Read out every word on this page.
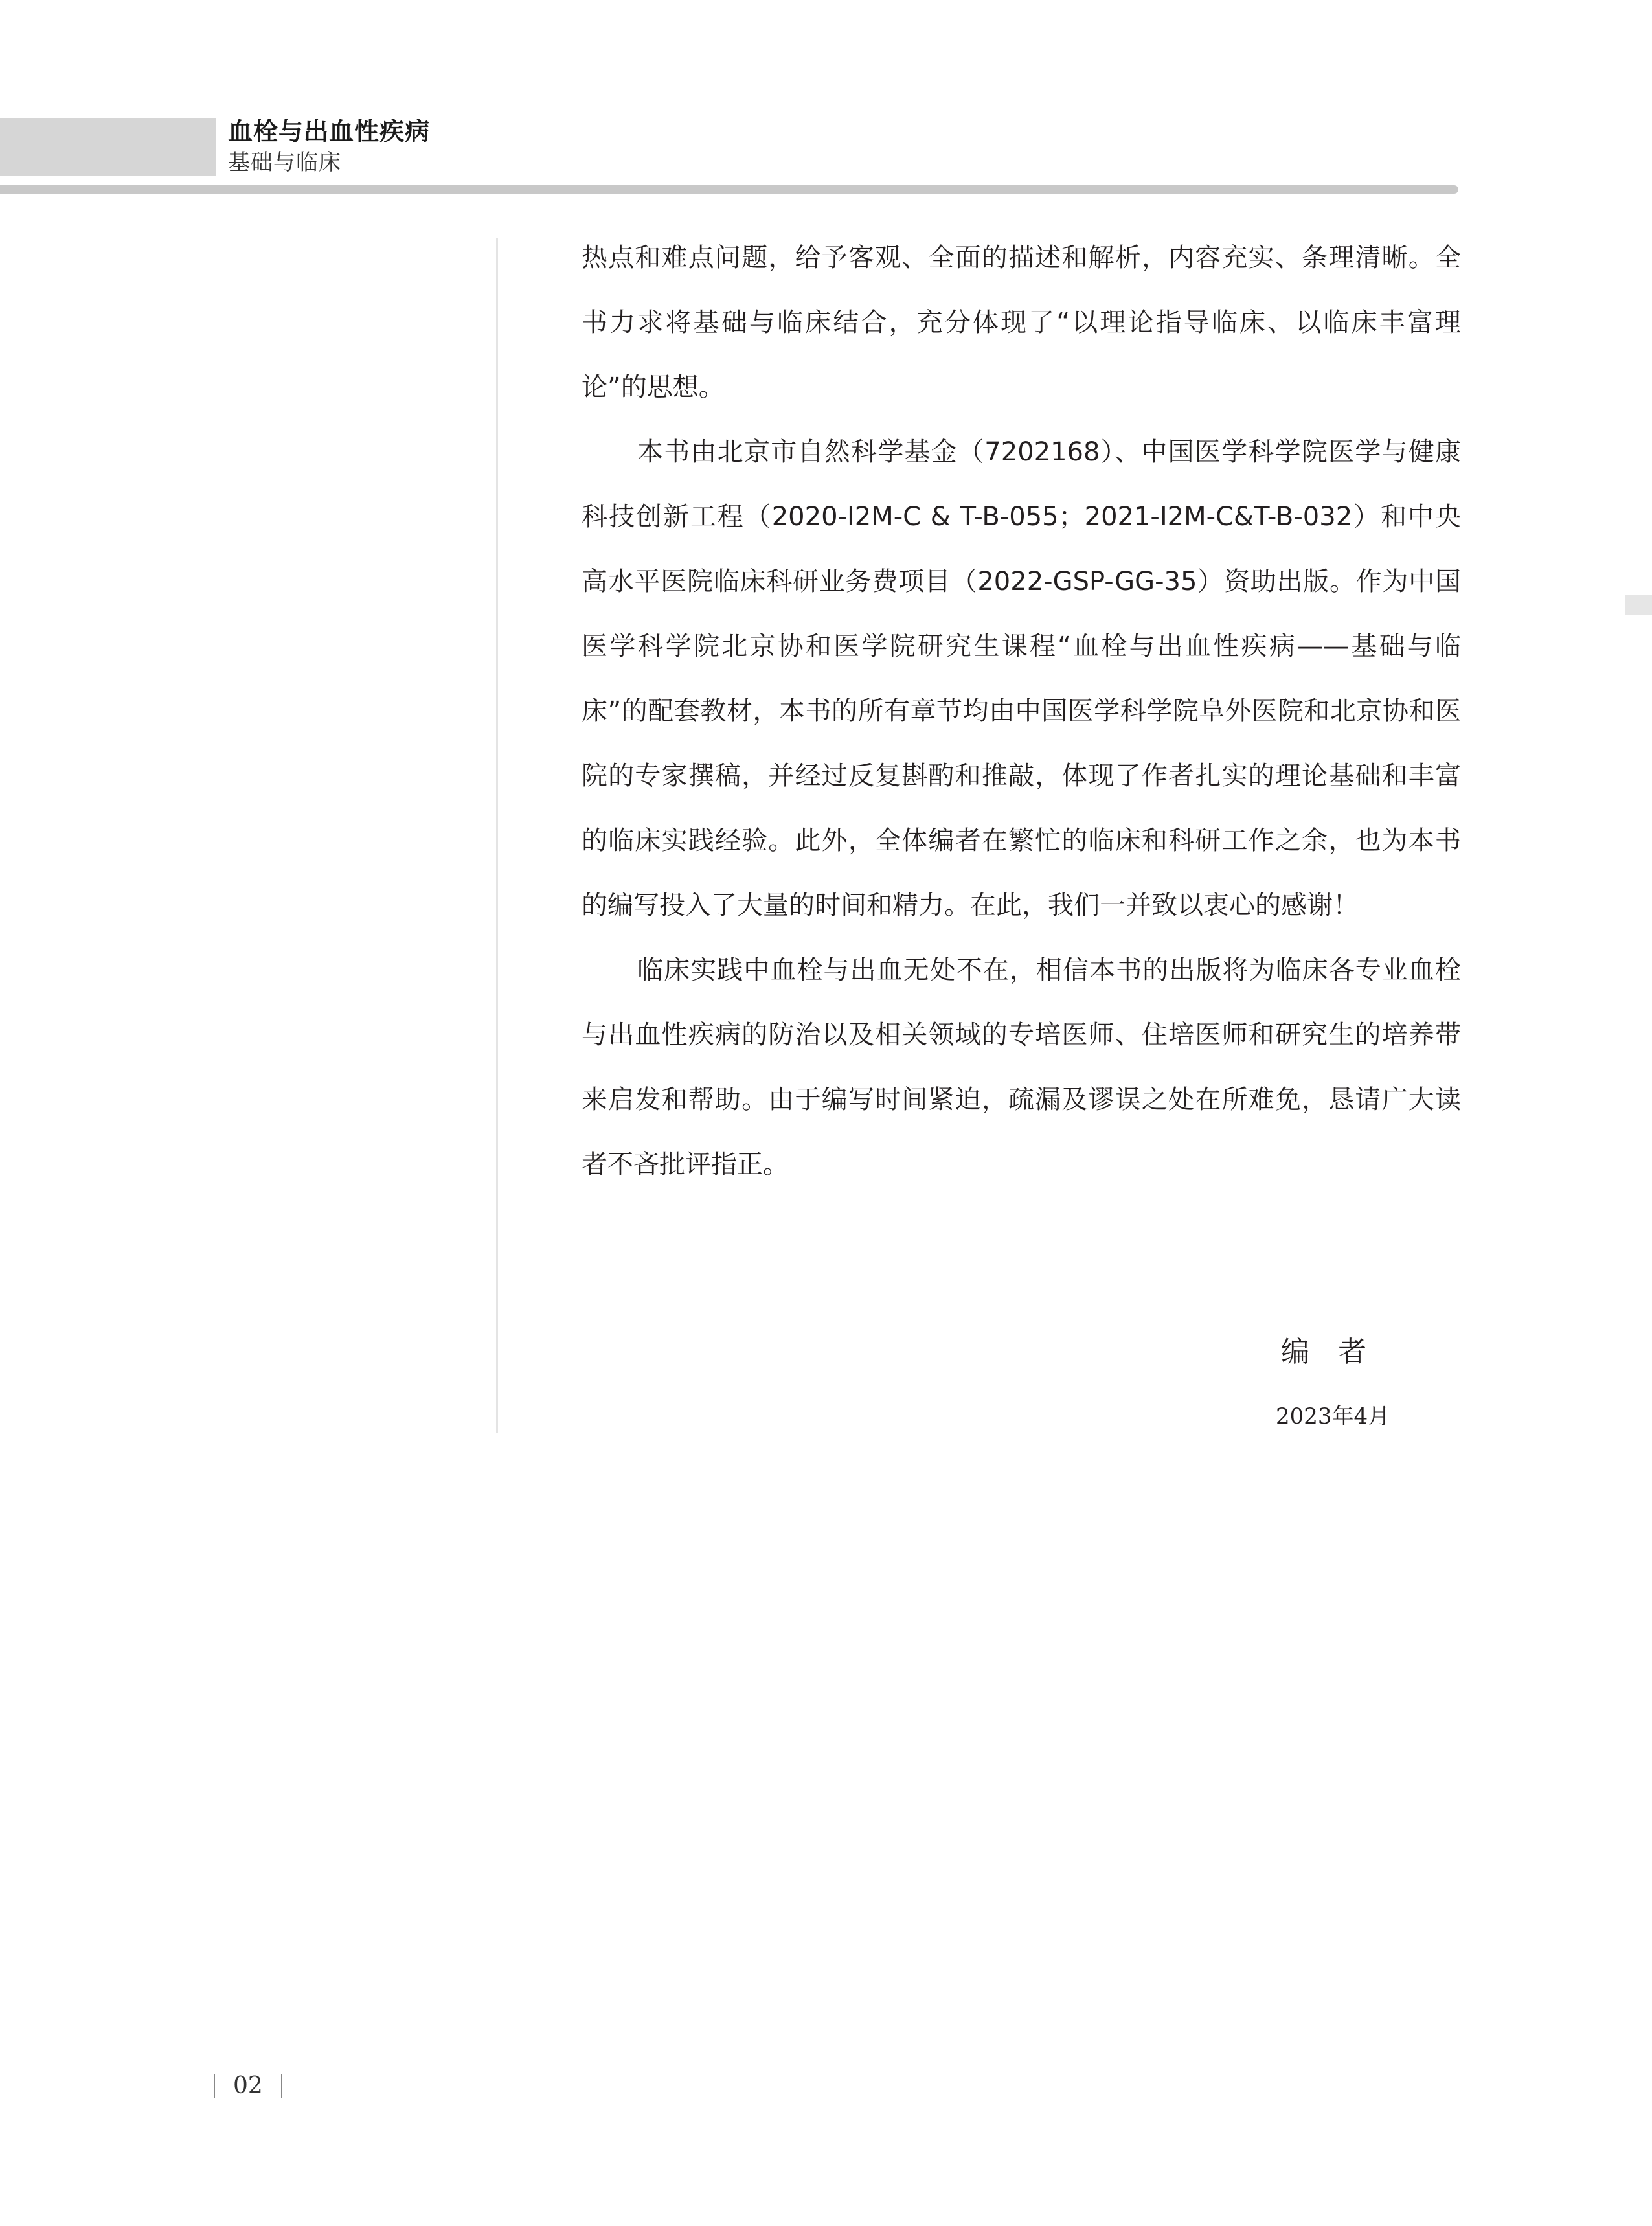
血栓与出血性疾病
基础与临床

热点和难点问题，给予客观、全面的描述和解析，内容充实、条理清晰。全书力求将基础与临床结合，充分体现了“以理论指导临床、以临床丰富理论”的思想。

本书由北京市自然科学基金（7202168）、中国医学科学院医学与健康科技创新工程（2020-I2M-C & T-B-055；2021-I2M-C&T-B-032）和中央高水平医院临床科研业务费项目（2022-GSP-GG-35）资助出版。作为中国医学科学院北京协和医学院研究生课程“血栓与出血性疾病——基础与临床”的配套教材，本书的所有章节均由中国医学科学院阜外医院和北京协和医院的专家撰稿，并经过反复斟酌和推敲，体现了作者扎实的理论基础和丰富的临床实践经验。此外，全体编者在繁忙的临床和科研工作之余，也为本书的编写投入了大量的时间和精力。在此，我们一并致以衷心的感谢！

临床实践中血栓与出血无处不在，相信本书的出版将为临床各专业血栓与出血性疾病的防治以及相关领域的专培医师、住培医师和研究生的培养带来启发和帮助。由于编写时间紧迫，疏漏及谬误之处在所难免，恳请广大读者不吝批评指正。

编　者
2023年4月
02
